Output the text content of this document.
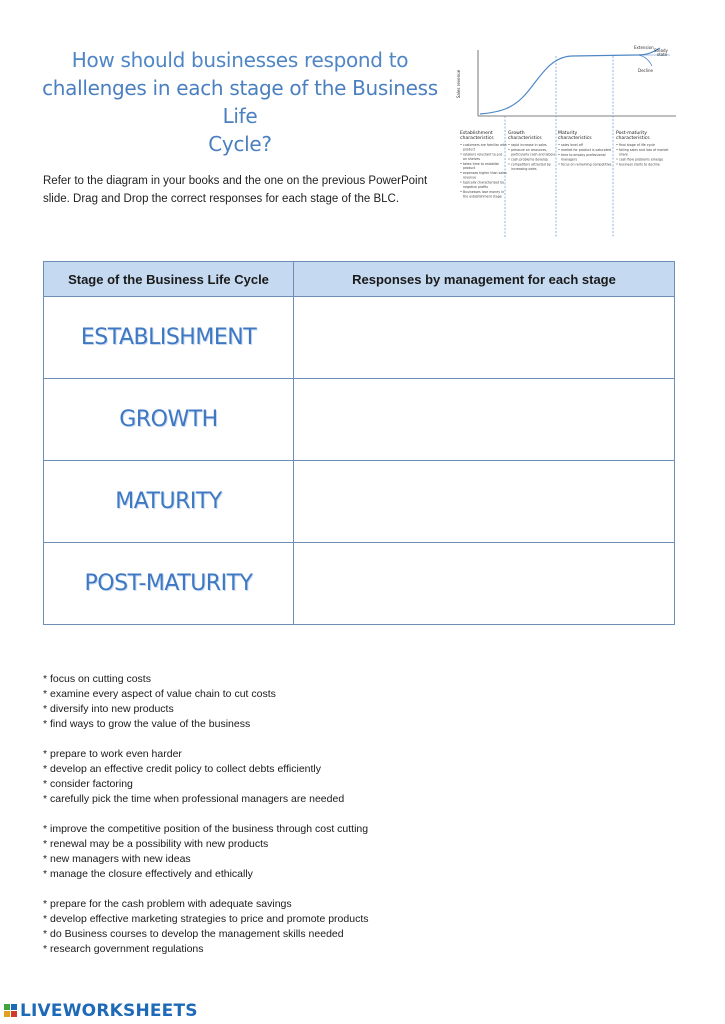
How should businesses respond to
challenges in each stage of the Business Life
Cycle?
Refer to the diagram in your books and the one on the previous PowerPoint slide. Drag and Drop the correct responses for each stage of the BLC.
Sales revenue
Extension
Steady
state
Decline
Establishment
characteristics
• customers are familiar with
product
• retailers reluctant to put
on shelves
• takes time to establish
product
• expenses higher than sales
revenue
• typically characterised by
negative profits
• Businesses lose money in
the establishment stage
Growth
characteristics
• rapid increase in sales
• pressure on resources,
particularly cash and labour
• cash problems develop
• competitors attracted by
increasing sales
Maturity
characteristics
• sales level off
• market for product is saturated
• time to employ professional
managers
• focus on remaining competitive
Post-maturity
characteristics
• final stage of life cycle
• falling sales and loss of market
share
• cash flow problems emerge
• business starts to decline
Stage of the Business Life Cycle	Responses by management for each stage
ESTABLISHMENT	
GROWTH	
MATURITY	
POST-MATURITY	
* focus on cutting costs
* examine every aspect of value chain to cut costs
* diversify into new products
* find ways to grow the value of the business
* prepare to work even harder
* develop an effective credit policy to collect debts efficiently
* consider factoring
* carefully pick the time when professional managers are needed
* improve the competitive position of the business through cost cutting
* renewal may be a possibility with new products
* new managers with new ideas
* manage the closure effectively and ethically
* prepare for the cash problem with adequate savings
* develop effective marketing strategies to price and promote products
* do Business courses to develop the management skills needed
* research government regulations
LIVEWORKSHEETS
